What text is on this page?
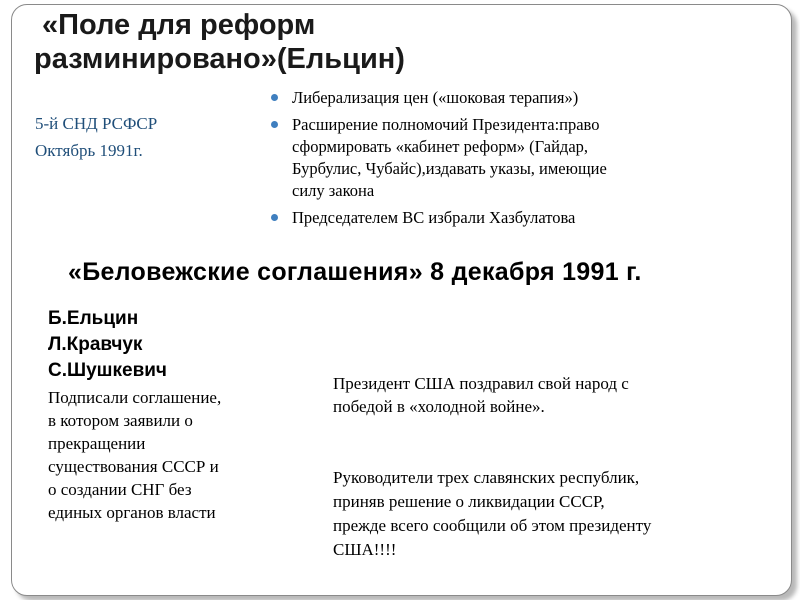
«Поле для реформ
разминировано»(Ельцин)
5-й СНД РСФСР
Октябрь 1991г.
Либерализация цен («шоковая терапия»)
Расширение полномочий Президента:право
сформировать «кабинет реформ» (Гайдар,
Бурбулис, Чубайс),издавать указы, имеющие
силу закона
Председателем ВС избрали Хазбулатова
«Беловежские соглашения» 8 декабря 1991 г.
Б.Ельцин
Л.Кравчук
С.Шушкевич
Подписали соглашение,
в котором заявили о
прекращении
существования СССР и
о создании СНГ без
единых органов власти
Президент США поздравил свой народ с
победой в «холодной войне».
Руководители трех славянских республик,
приняв решение о ликвидации СССР,
прежде всего сообщили об этом президенту
США!!!!
